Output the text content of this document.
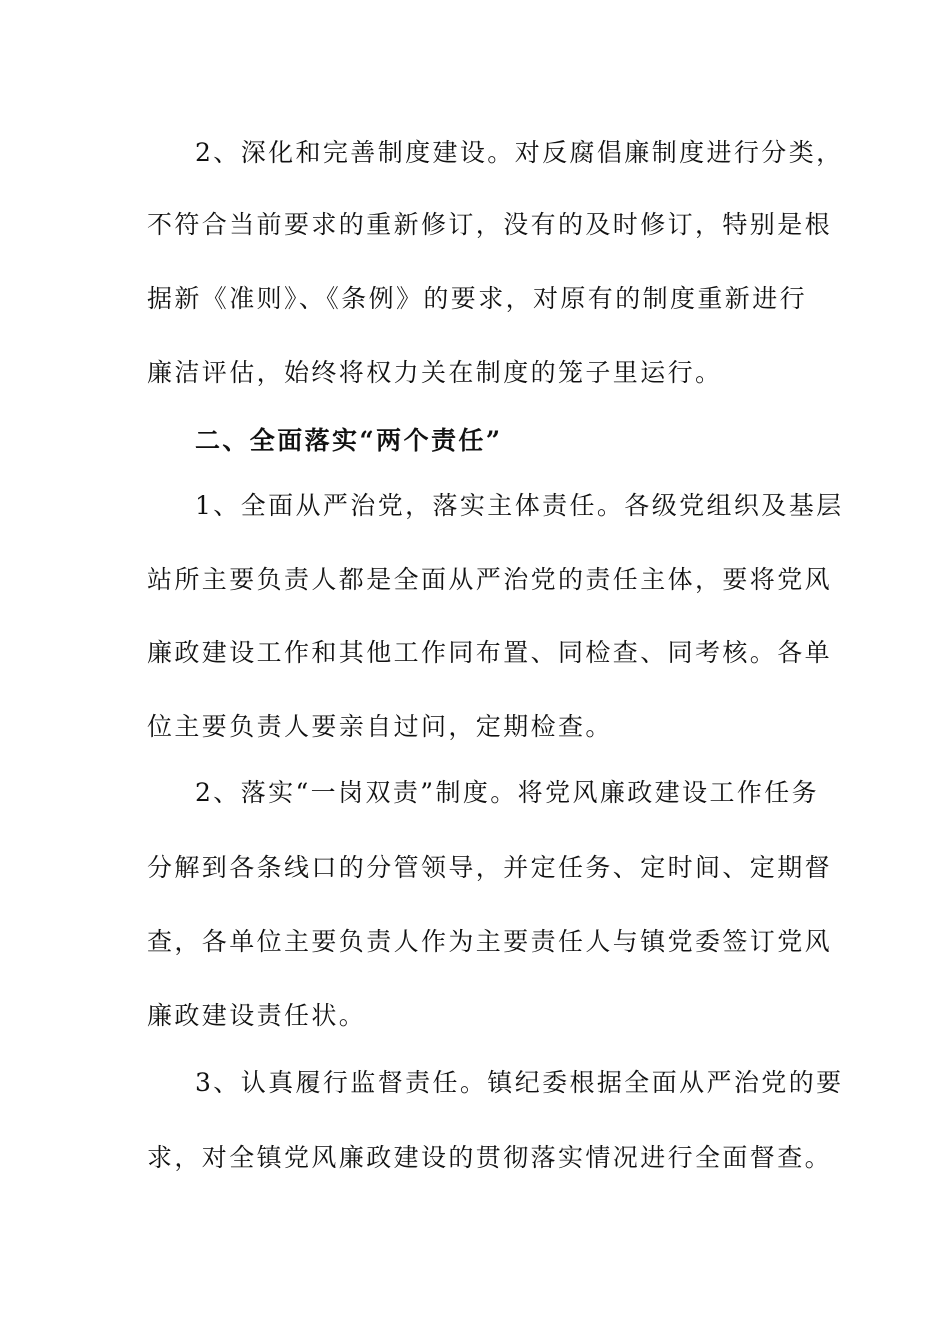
2、深化和完善制度建设。对反腐倡廉制度进行分类，
不符合当前要求的重新修订，没有的及时修订，特别是根
据新《准则》、《条例》的要求，对原有的制度重新进行
廉洁评估，始终将权力关在制度的笼子里运行。
二、全面落实“两个责任”
1、全面从严治党，落实主体责任。各级党组织及基层
站所主要负责人都是全面从严治党的责任主体，要将党风
廉政建设工作和其他工作同布置、同检查、同考核。各单
位主要负责人要亲自过问，定期检查。
2、落实“一岗双责”制度。将党风廉政建设工作任务
分解到各条线口的分管领导，并定任务、定时间、定期督
查，各单位主要负责人作为主要责任人与镇党委签订党风
廉政建设责任状。
3、认真履行监督责任。镇纪委根据全面从严治党的要
求，对全镇党风廉政建设的贯彻落实情况进行全面督查。
